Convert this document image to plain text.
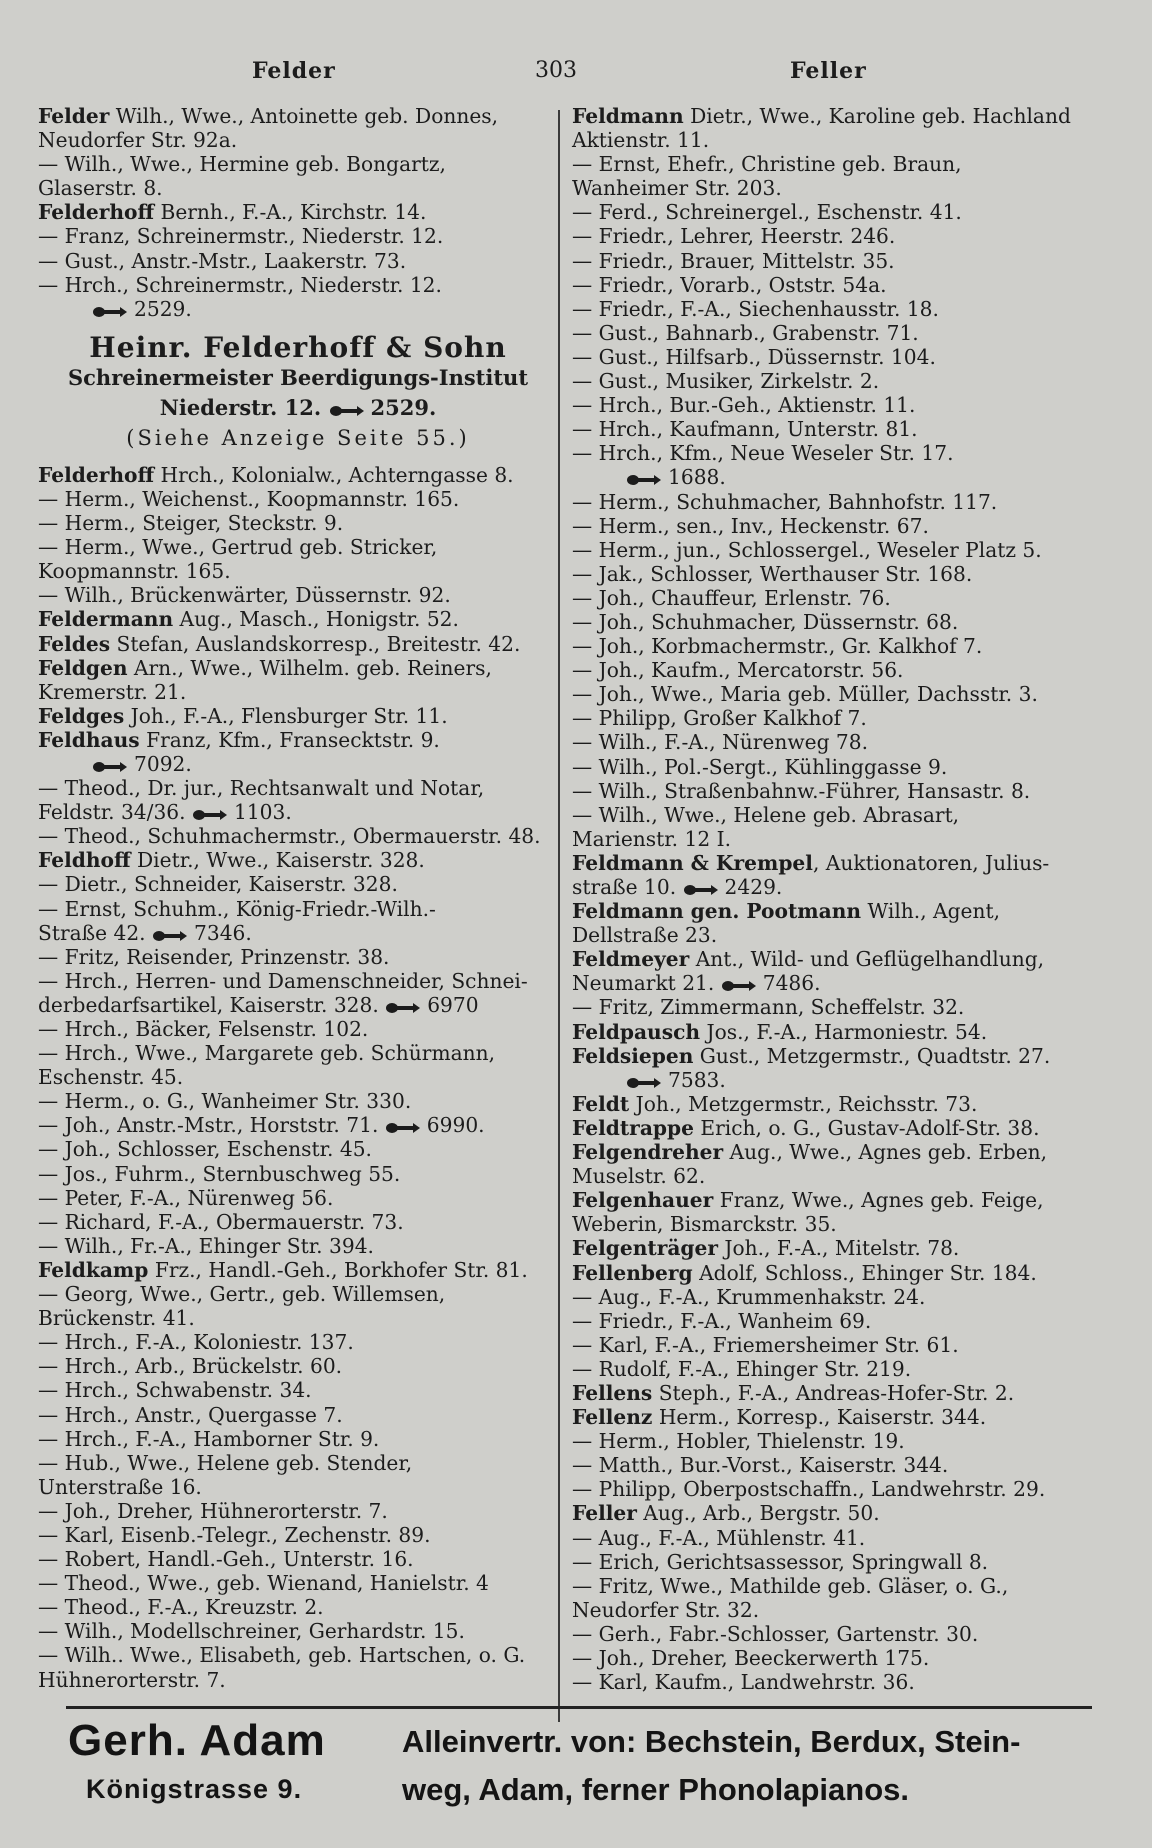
Felder	303	Feller
Felder Wilh., Wwe., Antoinette geb. Donnes,
Neudorfer Str. 92a.
— Wilh., Wwe., Hermine geb. Bongartz,
Glaserstr. 8.
Felderhoff Bernh., F.-A., Kirchstr. 14.
— Franz, Schreinermstr., Niederstr. 12.
— Gust., Anstr.-Mstr., Laakerstr. 73.
— Hrch., Schreinermstr., Niederstr. 12.
2529.
Heinr. Felderhoff & Sohn
Schreinermeister Beerdigungs-Institut
Niederstr. 12. 2529.
(Siehe Anzeige Seite 55.)
Felderhoff Hrch., Kolonialw., Achterngasse 8.
— Herm., Weichenst., Koopmannstr. 165.
— Herm., Steiger, Steckstr. 9.
— Herm., Wwe., Gertrud geb. Stricker,
Koopmannstr. 165.
— Wilh., Brückenwärter, Düssernstr. 92.
Feldermann Aug., Masch., Honigstr. 52.
Feldes Stefan, Auslandskorresp., Breitestr. 42.
Feldgen Arn., Wwe., Wilhelm. geb. Reiners,
Kremerstr. 21.
Feldges Joh., F.-A., Flensburger Str. 11.
Feldhaus Franz, Kfm., Fransecktstr. 9.
7092.
— Theod., Dr. jur., Rechtsanwalt und Notar,
Feldstr. 34/36. 1103.
— Theod., Schuhmachermstr., Obermauerstr. 48.
Feldhoff Dietr., Wwe., Kaiserstr. 328.
— Dietr., Schneider, Kaiserstr. 328.
— Ernst, Schuhm., König-Friedr.-Wilh.-
Straße 42. 7346.
— Fritz, Reisender, Prinzenstr. 38.
— Hrch., Herren- und Damenschneider, Schnei-
derbedarfsartikel, Kaiserstr. 328. 6970
— Hrch., Bäcker, Felsenstr. 102.
— Hrch., Wwe., Margarete geb. Schürmann,
Eschenstr. 45.
— Herm., o. G., Wanheimer Str. 330.
— Joh., Anstr.-Mstr., Horststr. 71. 6990.
— Joh., Schlosser, Eschenstr. 45.
— Jos., Fuhrm., Sternbuschweg 55.
— Peter, F.-A., Nürenweg 56.
— Richard, F.-A., Obermauerstr. 73.
— Wilh., Fr.-A., Ehinger Str. 394.
Feldkamp Frz., Handl.-Geh., Borkhofer Str. 81.
— Georg, Wwe., Gertr., geb. Willemsen,
Brückenstr. 41.
— Hrch., F.-A., Koloniestr. 137.
— Hrch., Arb., Brückelstr. 60.
— Hrch., Schwabenstr. 34.
— Hrch., Anstr., Quergasse 7.
— Hrch., F.-A., Hamborner Str. 9.
— Hub., Wwe., Helene geb. Stender,
Unterstraße 16.
— Joh., Dreher, Hühnerorterstr. 7.
— Karl, Eisenb.-Telegr., Zechenstr. 89.
— Robert, Handl.-Geh., Unterstr. 16.
— Theod., Wwe., geb. Wienand, Hanielstr. 4
— Theod., F.-A., Kreuzstr. 2.
— Wilh., Modellschreiner, Gerhardstr. 15.
— Wilh.. Wwe., Elisabeth, geb. Hartschen, o. G.
Hühnerorterstr. 7.
Feldmann Dietr., Wwe., Karoline geb. Hachland
Aktienstr. 11.
— Ernst, Ehefr., Christine geb. Braun,
Wanheimer Str. 203.
— Ferd., Schreinergel., Eschenstr. 41.
— Friedr., Lehrer, Heerstr. 246.
— Friedr., Brauer, Mittelstr. 35.
— Friedr., Vorarb., Oststr. 54a.
— Friedr., F.-A., Siechenhausstr. 18.
— Gust., Bahnarb., Grabenstr. 71.
— Gust., Hilfsarb., Düssernstr. 104.
— Gust., Musiker, Zirkelstr. 2.
— Hrch., Bur.-Geh., Aktienstr. 11.
— Hrch., Kaufmann, Unterstr. 81.
— Hrch., Kfm., Neue Weseler Str. 17.
1688.
— Herm., Schuhmacher, Bahnhofstr. 117.
— Herm., sen., Inv., Heckenstr. 67.
— Herm., jun., Schlossergel., Weseler Platz 5.
— Jak., Schlosser, Werthauser Str. 168.
— Joh., Chauffeur, Erlenstr. 76.
— Joh., Schuhmacher, Düssernstr. 68.
— Joh., Korbmachermstr., Gr. Kalkhof 7.
— Joh., Kaufm., Mercatorstr. 56.
— Joh., Wwe., Maria geb. Müller, Dachsstr. 3.
— Philipp, Großer Kalkhof 7.
— Wilh., F.-A., Nürenweg 78.
— Wilh., Pol.-Sergt., Kühlinggasse 9.
— Wilh., Straßenbahnw.-Führer, Hansastr. 8.
— Wilh., Wwe., Helene geb. Abrasart,
Marienstr. 12 I.
Feldmann & Krempel, Auktionatoren, Julius-
straße 10. 2429.
Feldmann gen. Pootmann Wilh., Agent,
Dellstraße 23.
Feldmeyer Ant., Wild- und Geflügelhandlung,
Neumarkt 21. 7486.
— Fritz, Zimmermann, Scheffelstr. 32.
Feldpausch Jos., F.-A., Harmoniestr. 54.
Feldsiepen Gust., Metzgermstr., Quadtstr. 27.
7583.
Feldt Joh., Metzgermstr., Reichsstr. 73.
Feldtrappe Erich, o. G., Gustav-Adolf-Str. 38.
Felgendreher Aug., Wwe., Agnes geb. Erben,
Muselstr. 62.
Felgenhauer Franz, Wwe., Agnes geb. Feige,
Weberin, Bismarckstr. 35.
Felgenträger Joh., F.-A., Mitelstr. 78.
Fellenberg Adolf, Schloss., Ehinger Str. 184.
— Aug., F.-A., Krummenhakstr. 24.
— Friedr., F.-A., Wanheim 69.
— Karl, F.-A., Friemersheimer Str. 61.
— Rudolf, F.-A., Ehinger Str. 219.
Fellens Steph., F.-A., Andreas-Hofer-Str. 2.
Fellenz Herm., Korresp., Kaiserstr. 344.
— Herm., Hobler, Thielenstr. 19.
— Matth., Bur.-Vorst., Kaiserstr. 344.
— Philipp, Oberpostschaffn., Landwehrstr. 29.
Feller Aug., Arb., Bergstr. 50.
— Aug., F.-A., Mühlenstr. 41.
— Erich, Gerichtsassessor, Springwall 8.
— Fritz, Wwe., Mathilde geb. Gläser, o. G.,
Neudorfer Str. 32.
— Gerh., Fabr.-Schlosser, Gartenstr. 30.
— Joh., Dreher, Beeckerwerth 175.
— Karl, Kaufm., Landwehrstr. 36.
Gerh. Adam
Königstrasse 9.
Alleinvertr. von: Bechstein, Berdux, Stein-
weg, Adam, ferner Phonolapianos.
